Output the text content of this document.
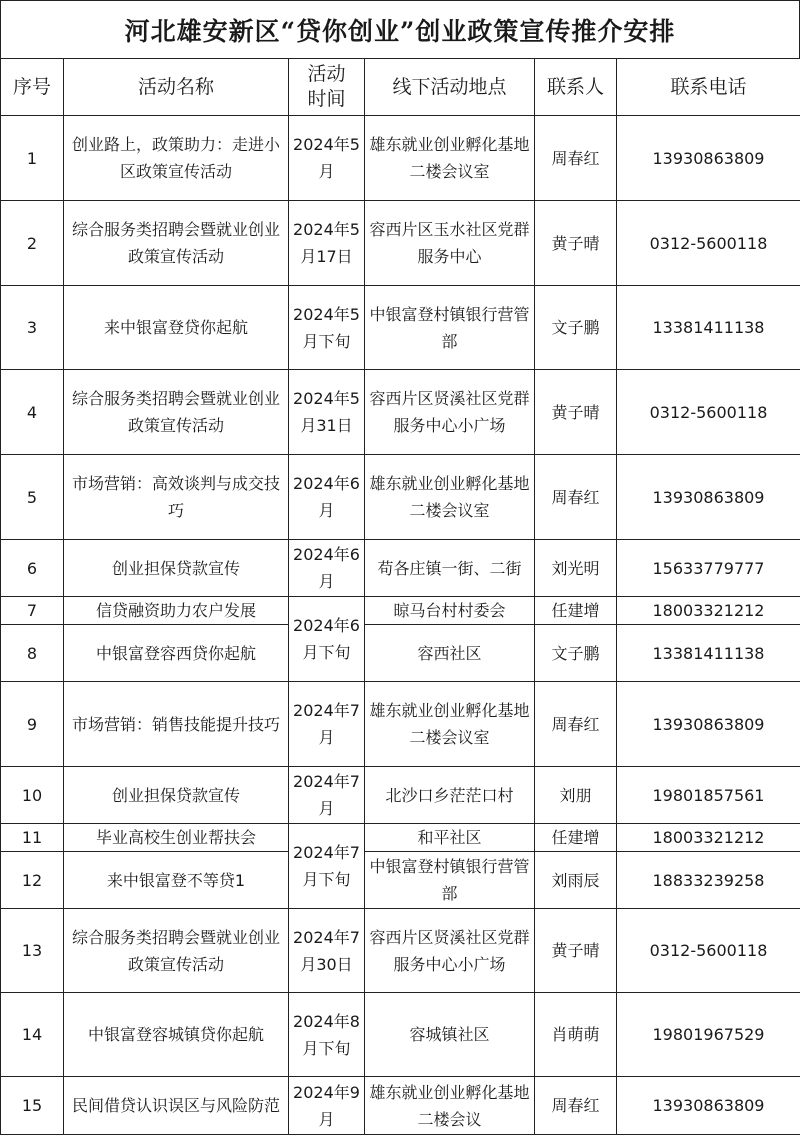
河北雄安新区“贷你创业”创业政策宣传推介安排
序号	活动名称	活动时间	线下活动地点	联系人	联系电话
1	创业路上，政策助力：走进小区政策宣传活动	2024年5月	雄东就业创业孵化基地二楼会议室	周春红	13930863809
2	综合服务类招聘会暨就业创业政策宣传活动	2024年5月17日	容西片区玉水社区党群服务中心	黄子晴	0312-5600118
3	来中银富登贷你起航	2024年5月下旬	中银富登村镇银行营管部	文子鹏	13381411138
4	综合服务类招聘会暨就业创业政策宣传活动	2024年5月31日	容西片区贤溪社区党群服务中心小广场	黄子晴	0312-5600118
5	市场营销：高效谈判与成交技巧	2024年6月	雄东就业创业孵化基地二楼会议室	周春红	13930863809
6	创业担保贷款宣传	2024年6月	苟各庄镇一街、二街	刘光明	15633779777
7	信贷融资助力农户发展	2024年6月下旬	晾马台村村委会	任建增	18003321212
8	中银富登容西贷你起航		容西社区	文子鹏	13381411138
9	市场营销：销售技能提升技巧	2024年7月	雄东就业创业孵化基地二楼会议室	周春红	13930863809
10	创业担保贷款宣传	2024年7月	北沙口乡茫茫口村	刘朋	19801857561
11	毕业高校生创业帮扶会	2024年7月下旬	和平社区	任建增	18003321212
12	来中银富登不等贷1		中银富登村镇银行营管部	刘雨辰	18833239258
13	综合服务类招聘会暨就业创业政策宣传活动	2024年7月30日	容西片区贤溪社区党群服务中心小广场	黄子晴	0312-5600118
14	中银富登容城镇贷你起航	2024年8月下旬	容城镇社区	肖萌萌	19801967529
15	民间借贷认识误区与风险防范	2024年9月	雄东就业创业孵化基地二楼会议	周春红	13930863809
